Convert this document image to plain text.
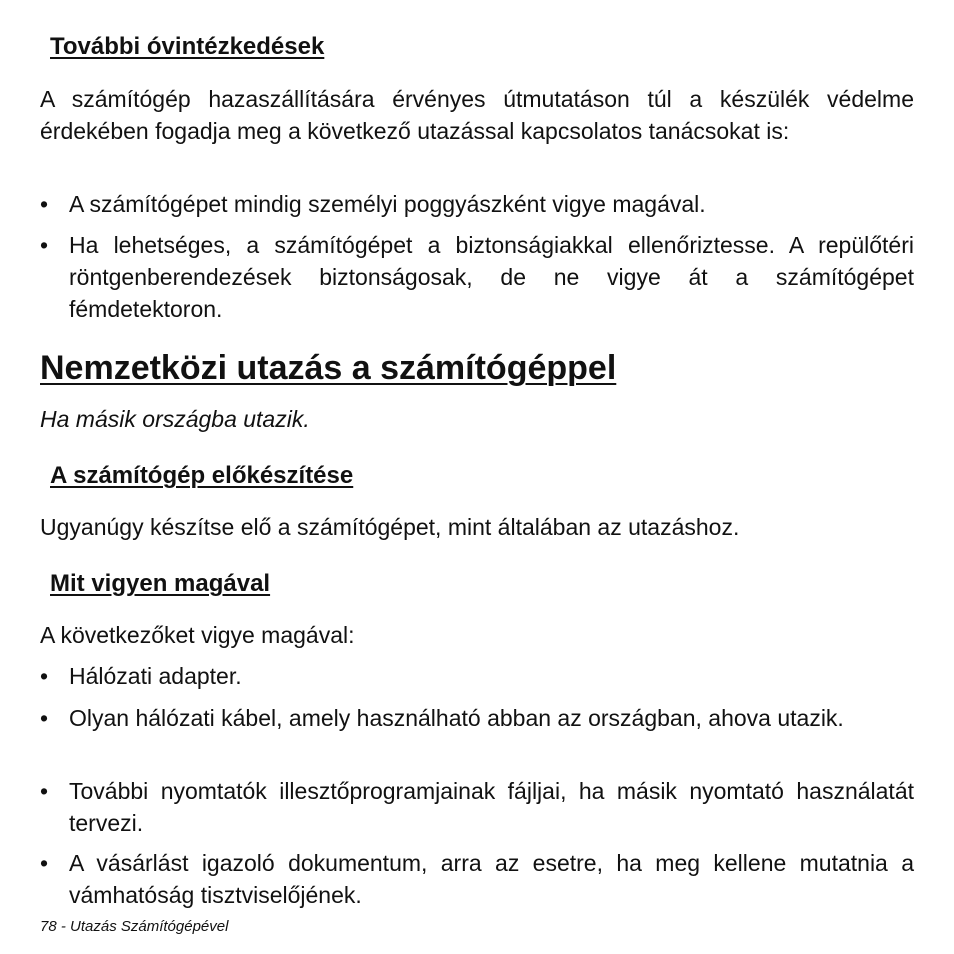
További óvintézkedések

A számítógép hazaszállítására érvényes útmutatáson túl a készülék védelme érdekében fogadja meg a következő utazással kapcsolatos tanácsokat is:

• A számítógépet mindig személyi poggyászként vigye magával.

• Ha lehetséges, a számítógépet a biztonságiakkal ellenőriztesse. A repülőtéri röntgenberendezések biztonságosak, de ne vigye át a számítógépet fémdetektoron.

Nemzetközi utazás a számítógéppel

Ha másik országba utazik.

A számítógép előkészítése

Ugyanúgy készítse elő a számítógépet, mint általában az utazáshoz.

Mit vigyen magával

A következőket vigye magával:

• Hálózati adapter.

• Olyan hálózati kábel, amely használható abban az országban, ahova utazik.

• További nyomtatók illesztőprogramjainak fájljai, ha másik nyomtató használatát tervezi.

• A vásárlást igazoló dokumentum, arra az esetre, ha meg kellene mutatnia a vámhatóság tisztviselőjének.

78 - Utazás Számítógépével
